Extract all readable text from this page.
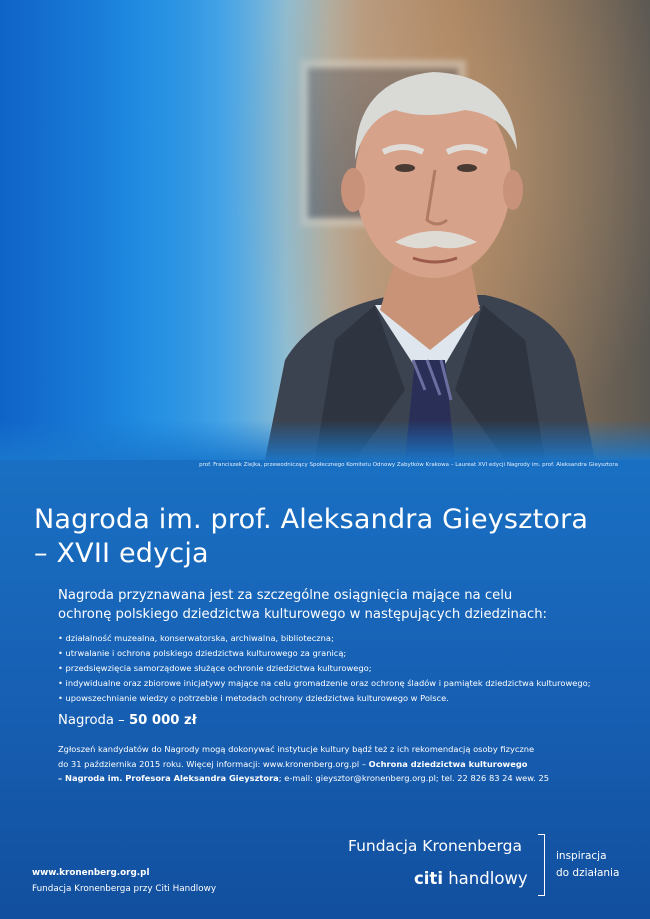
prof. Franciszek Ziejka, przewodniczący Społecznego Komitetu Odnowy Zabytków Krakowa – Laureat XVI edycji Nagrody im. prof. Aleksandra Gieysztora
Nagroda im. prof. Aleksandra Gieysztora
– XVII edycja

Nagroda przyznawana jest za szczególne osiągnięcia mające na celu
ochronę polskiego dziedzictwa kulturowego w następujących dziedzinach:

• działalność muzealna, konserwatorska, archiwalna, biblioteczna;
• utrwalanie i ochrona polskiego dziedzictwa kulturowego za granicą;
• przedsięwzięcia samorządowe służące ochronie dziedzictwa kulturowego;
• indywidualne oraz zbiorowe inicjatywy mające na celu gromadzenie oraz ochronę śladów i pamiątek dziedzictwa kulturowego;
• upowszechnianie wiedzy o potrzebie i metodach ochrony dziedzictwa kulturowego w Polsce.
Nagroda – 50 000 zł
Zgłoszeń kandydatów do Nagrody mogą dokonywać instytucje kultury bądź też z ich rekomendacją osoby fizyczne
do 31 października 2015 roku. Więcej informacji: www.kronenberg.org.pl – Ochrona dziedzictwa kulturowego
– Nagroda im. Profesora Aleksandra Gieysztora; e-mail: gieysztor@kronenberg.org.pl; tel. 22 826 83 24 wew. 25
www.kronenberg.org.pl
Fundacja Kronenberga przy Citi Handlowy
Fundacja Kronenberga
citi handlowy
inspiracja
do działania
